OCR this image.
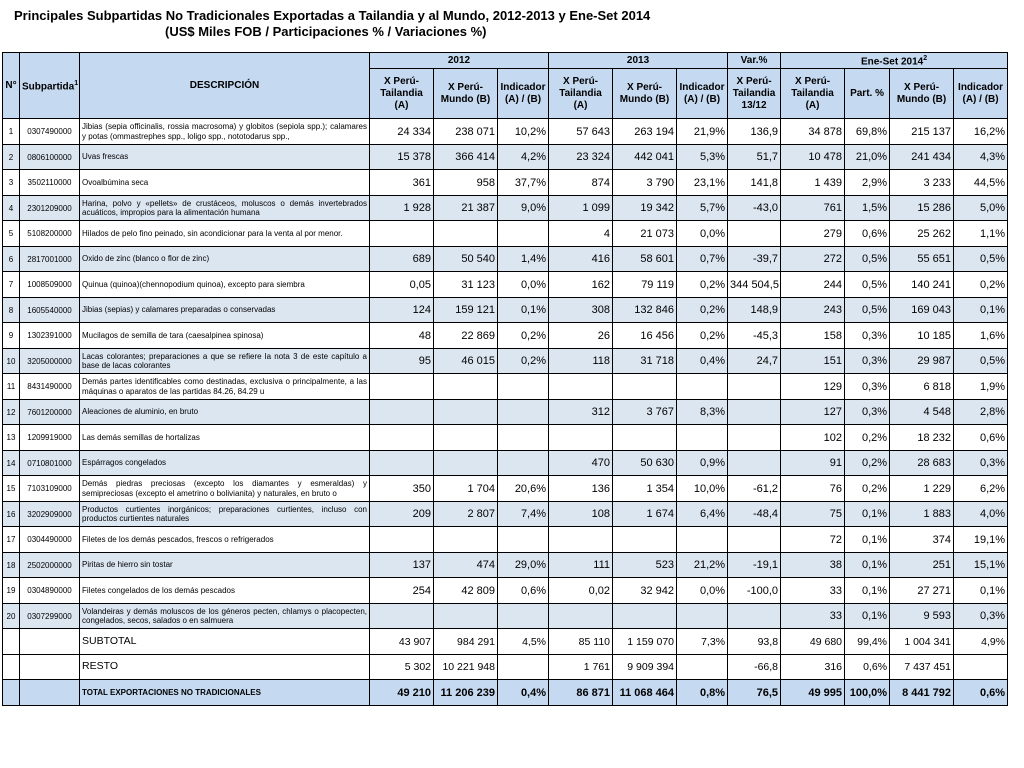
Principales Subpartidas No Tradicionales Exportadas a Tailandia y al Mundo, 2012-2013 y Ene-Set 2014
(US$ Miles FOB / Participaciones % / Variaciones %)
N°	Subpartida$^1$	DESCRIPCIÓN	2012			2013			Var.%	Ene-Set 2014$^2$
			X Perú-Tailandia (A)	X Perú-Mundo (B)	Indicador (A) / (B)	X Perú-Tailandia (A)	X Perú-Mundo (B)	Indicador (A) / (B)	X Perú-Tailandia 13/12	X Perú-Tailandia (A)	Part. %	X Perú-Mundo (B)	Indicador (A) / (B)
1	0307490000	Jibias (sepia officinalis, rossia macrosoma) y globitos (sepiola spp.); calamares y potas (ommastrephes spp., loligo spp., nototodarus spp.,	24 334	238 071	10,2%	57 643	263 194	21,9%	136,9	34 878	69,8%	215 137	16,2%
2	0806100000	Uvas frescas	15 378	366 414	4,2%	23 324	442 041	5,3%	51,7	10 478	21,0%	241 434	4,3%
3	3502110000	Ovoalbúmina seca	361	958	37,7%	874	3 790	23,1%	141,8	1 439	2,9%	3 233	44,5%
4	2301209000	Harina, polvo y «pellets» de crustáceos, moluscos o demás invertebrados acuáticos, impropios para la alimentación humana	1 928	21 387	9,0%	1 099	19 342	5,7%	-43,0	761	1,5%	15 286	5,0%
5	5108200000	Hilados de pelo fino peinado, sin acondicionar para la venta al por menor.				4	21 073	0,0%		279	0,6%	25 262	1,1%
6	2817001000	Oxido de zinc (blanco o flor de zinc)	689	50 540	1,4%	416	58 601	0,7%	-39,7	272	0,5%	55 651	0,5%
7	1008509000	Quinua (quinoa)(chennopodium quinoa), excepto para siembra	0,05	31 123	0,0%	162	79 119	0,2%	344 504,5	244	0,5%	140 241	0,2%
8	1605540000	Jibias (sepias) y calamares preparadas o conservadas	124	159 121	0,1%	308	132 846	0,2%	148,9	243	0,5%	169 043	0,1%
9	1302391000	Mucilagos de semilla de tara (caesalpinea spinosa)	48	22 869	0,2%	26	16 456	0,2%	-45,3	158	0,3%	10 185	1,6%
10	3205000000	Lacas colorantes; preparaciones a que se refiere la nota 3 de este capítulo a base de lacas colorantes	95	46 015	0,2%	118	31 718	0,4%	24,7	151	0,3%	29 987	0,5%
11	8431490000	Demás partes identificables como destinadas, exclusiva o principalmente, a las máquinas o aparatos de las partidas 84.26, 84.29 u								129	0,3%	6 818	1,9%
12	7601200000	Aleaciones de aluminio, en bruto				312	3 767	8,3%		127	0,3%	4 548	2,8%
13	1209919000	Las demás semillas de hortalizas								102	0,2%	18 232	0,6%
14	0710801000	Espárragos congelados				470	50 630	0,9%		91	0,2%	28 683	0,3%
15	7103109000	Demás piedras preciosas (excepto los diamantes y esmeraldas) y semipreciosas (excepto el ametrino o bolivianita) y naturales, en bruto o	350	1 704	20,6%	136	1 354	10,0%	-61,2	76	0,2%	1 229	6,2%
16	3202909000	Productos curtientes inorgánicos; preparaciones curtientes, incluso con productos curtientes naturales	209	2 807	7,4%	108	1 674	6,4%	-48,4	75	0,1%	1 883	4,0%
17	0304490000	Filetes de los demás pescados, frescos o refrigerados								72	0,1%	374	19,1%
18	2502000000	Piritas de hierro sin tostar	137	474	29,0%	111	523	21,2%	-19,1	38	0,1%	251	15,1%
19	0304890000	Filetes congelados de los demás pescados	254	42 809	0,6%	0,02	32 942	0,0%	-100,0	33	0,1%	27 271	0,1%
20	0307299000	Volandeiras y demás moluscos de los géneros pecten, chlamys o placopecten, congelados, secos, salados o en salmuera								33	0,1%	9 593	0,3%
		SUBTOTAL	43 907	984 291	4,5%	85 110	1 159 070	7,3%	93,8	49 680	99,4%	1 004 341	4,9%
		RESTO	5 302	10 221 948		1 761	9 909 394		-66,8	316	0,6%	7 437 451	
		TOTAL EXPORTACIONES NO TRADICIONALES	49 210	11 206 239	0,4%	86 871	11 068 464	0,8%	76,5	49 995	100,0%	8 441 792	0,6%
